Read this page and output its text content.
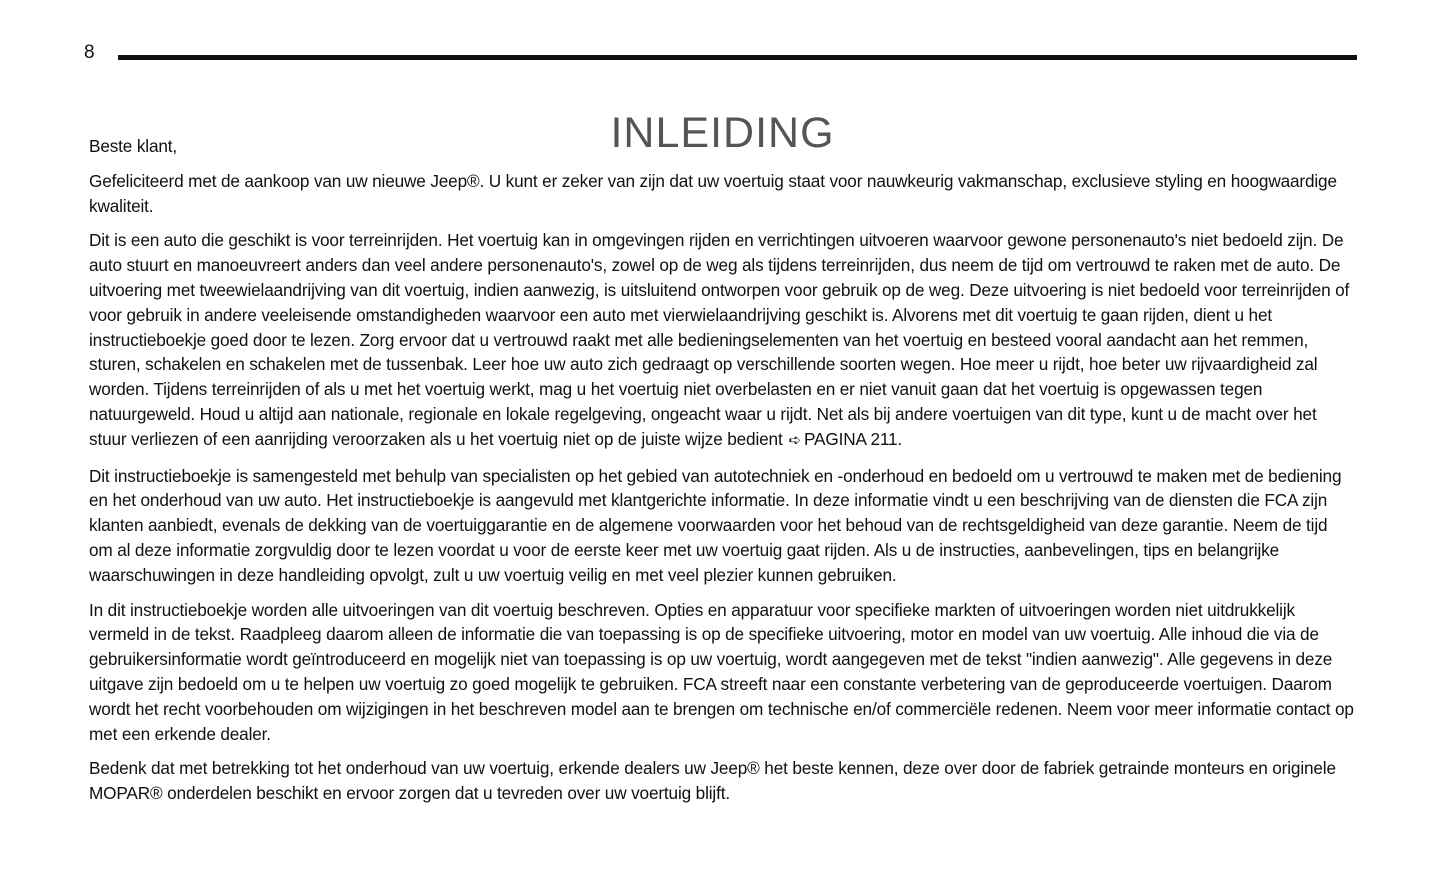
8
INLEIDING

Beste klant,

Gefeliciteerd met de aankoop van uw nieuwe Jeep®. U kunt er zeker van zijn dat uw voertuig staat voor nauwkeurig vakmanschap, exclusieve styling en hoogwaardige kwaliteit.

Dit is een auto die geschikt is voor terreinrijden. Het voertuig kan in omgevingen rijden en verrichtingen uitvoeren waarvoor gewone personenauto's niet bedoeld zijn. De auto stuurt en manoeuvreert anders dan veel andere personenauto's, zowel op de weg als tijdens terreinrijden, dus neem de tijd om vertrouwd te raken met de auto. De uitvoering met tweewielaandrijving van dit voertuig, indien aanwezig, is uitsluitend ontworpen voor gebruik op de weg. Deze uitvoering is niet bedoeld voor terreinrijden of voor gebruik in andere veeleisende omstandigheden waarvoor een auto met vierwielaandrijving geschikt is. Alvorens met dit voertuig te gaan rijden, dient u het instructieboekje goed door te lezen. Zorg ervoor dat u vertrouwd raakt met alle bedieningselementen van het voertuig en besteed vooral aandacht aan het remmen, sturen, schakelen en schakelen met de tussenbak. Leer hoe uw auto zich gedraagt op verschillende soorten wegen. Hoe meer u rijdt, hoe beter uw rijvaardigheid zal worden. Tijdens terreinrijden of als u met het voertuig werkt, mag u het voertuig niet overbelasten en er niet vanuit gaan dat het voertuig is opgewassen tegen natuurgeweld. Houd u altijd aan nationale, regionale en lokale regelgeving, ongeacht waar u rijdt. Net als bij andere voertuigen van dit type, kunt u de macht over het stuur verliezen of een aanrijding veroorzaken als u het voertuig niet op de juiste wijze bedient ➪ PAGINA 211.

Dit instructieboekje is samengesteld met behulp van specialisten op het gebied van autotechniek en -onderhoud en bedoeld om u vertrouwd te maken met de bediening en het onderhoud van uw auto. Het instructieboekje is aangevuld met klantgerichte informatie. In deze informatie vindt u een beschrijving van de diensten die FCA zijn klanten aanbiedt, evenals de dekking van de voertuiggarantie en de algemene voorwaarden voor het behoud van de rechtsgeldigheid van deze garantie. Neem de tijd om al deze informatie zorgvuldig door te lezen voordat u voor de eerste keer met uw voertuig gaat rijden. Als u de instructies, aanbevelingen, tips en belangrijke waarschuwingen in deze handleiding opvolgt, zult u uw voertuig veilig en met veel plezier kunnen gebruiken.

In dit instructieboekje worden alle uitvoeringen van dit voertuig beschreven. Opties en apparatuur voor specifieke markten of uitvoeringen worden niet uitdrukkelijk vermeld in de tekst. Raadpleeg daarom alleen de informatie die van toepassing is op de specifieke uitvoering, motor en model van uw voertuig. Alle inhoud die via de gebruikersinformatie wordt geïntroduceerd en mogelijk niet van toepassing is op uw voertuig, wordt aangegeven met de tekst "indien aanwezig". Alle gegevens in deze uitgave zijn bedoeld om u te helpen uw voertuig zo goed mogelijk te gebruiken. FCA streeft naar een constante verbetering van de geproduceerde voertuigen. Daarom wordt het recht voorbehouden om wijzigingen in het beschreven model aan te brengen om technische en/of commerciële redenen. Neem voor meer informatie contact op met een erkende dealer.

Bedenk dat met betrekking tot het onderhoud van uw voertuig, erkende dealers uw Jeep® het beste kennen, deze over door de fabriek getrainde monteurs en originele MOPAR® onderdelen beschikt en ervoor zorgen dat u tevreden over uw voertuig blijft.
